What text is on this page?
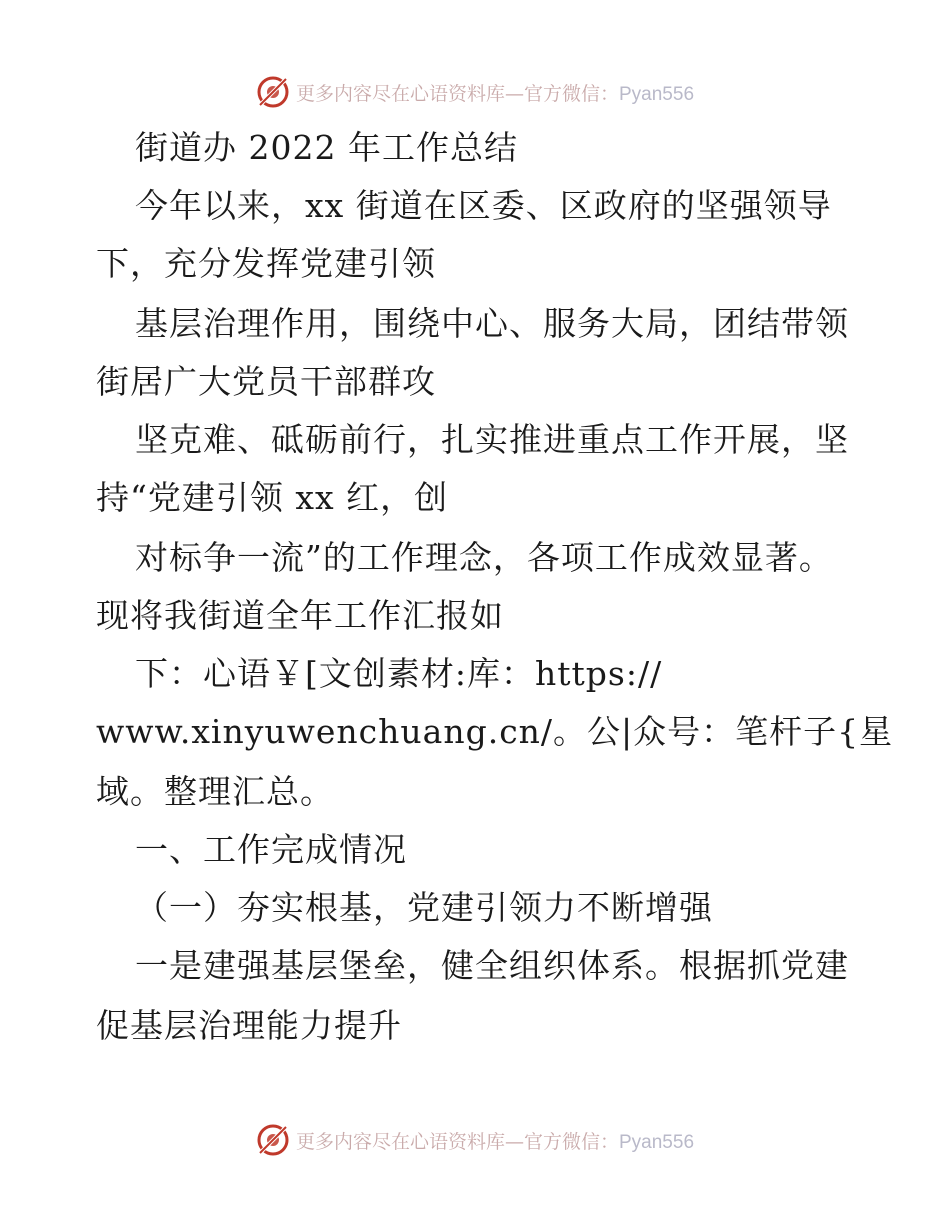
更多内容尽在心语资料库—官方微信：Pyan556
街道办 2022 年工作总结
今年以来，xx 街道在区委、区政府的坚强领导
下，充分发挥党建引领
基层治理作用，围绕中心、服务大局，团结带领
街居广大党员干部群攻
坚克难、砥砺前行，扎实推进重点工作开展，坚
持“党建引领 xx 红，创
对标争一流”的工作理念，各项工作成效显著。
现将我街道全年工作汇报如
下：心语￥[文创素材:库：https://
www.xinyuwenchuang.cn/。公|众号：笔杆子{星
域。整理汇总。
一、工作完成情况
（一）夯实根基，党建引领力不断增强
一是建强基层堡垒，健全组织体系。根据抓党建
促基层治理能力提升
更多内容尽在心语资料库—官方微信：Pyan556
